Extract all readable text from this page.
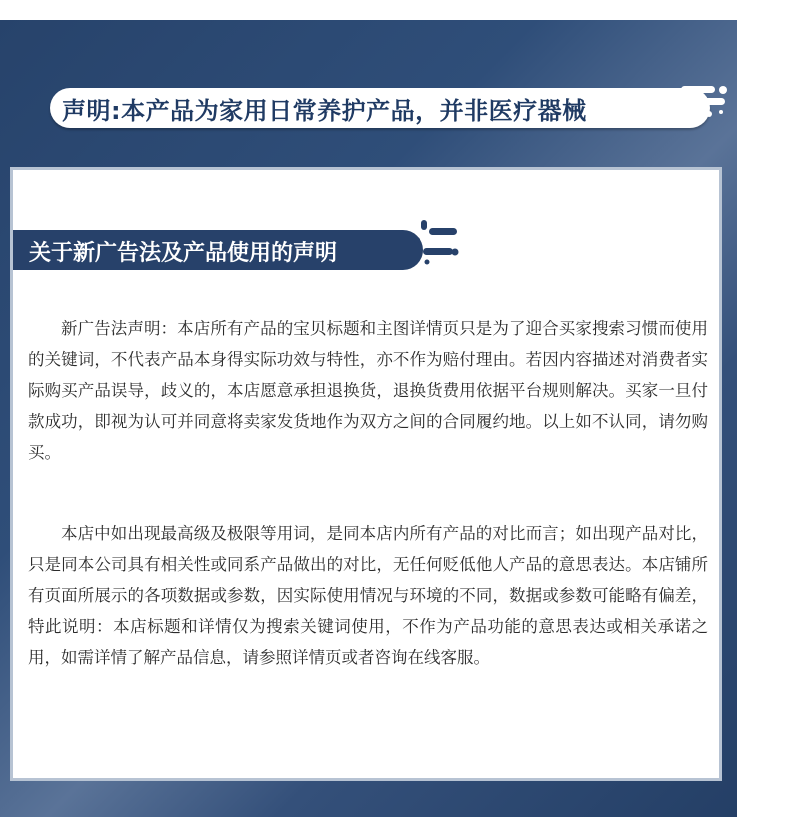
声明:本产品为家用日常养护产品，并非医疗器械
关于新广告法及产品使用的声明

新广告法声明：本店所有产品的宝贝标题和主图详情页只是为了迎合买家搜索习惯而使用的关键词，不代表产品本身得实际功效与特性，亦不作为赔付理由。若因内容描述对消费者实际购买产品误导，歧义的，本店愿意承担退换货，退换货费用依据平台规则解决。买家一旦付款成功，即视为认可并同意将卖家发货地作为双方之间的合同履约地。以上如不认同，请勿购买。

本店中如出现最高级及极限等用词，是同本店内所有产品的对比而言；如出现产品对比，只是同本公司具有相关性或同系产品做出的对比，无任何贬低他人产品的意思表达。本店铺所有页面所展示的各项数据或参数，因实际使用情况与环境的不同，数据或参数可能略有偏差，特此说明：本店标题和详情仅为搜索关键词使用，不作为产品功能的意思表达或相关承诺之用，如需详情了解产品信息，请参照详情页或者咨询在线客服。
